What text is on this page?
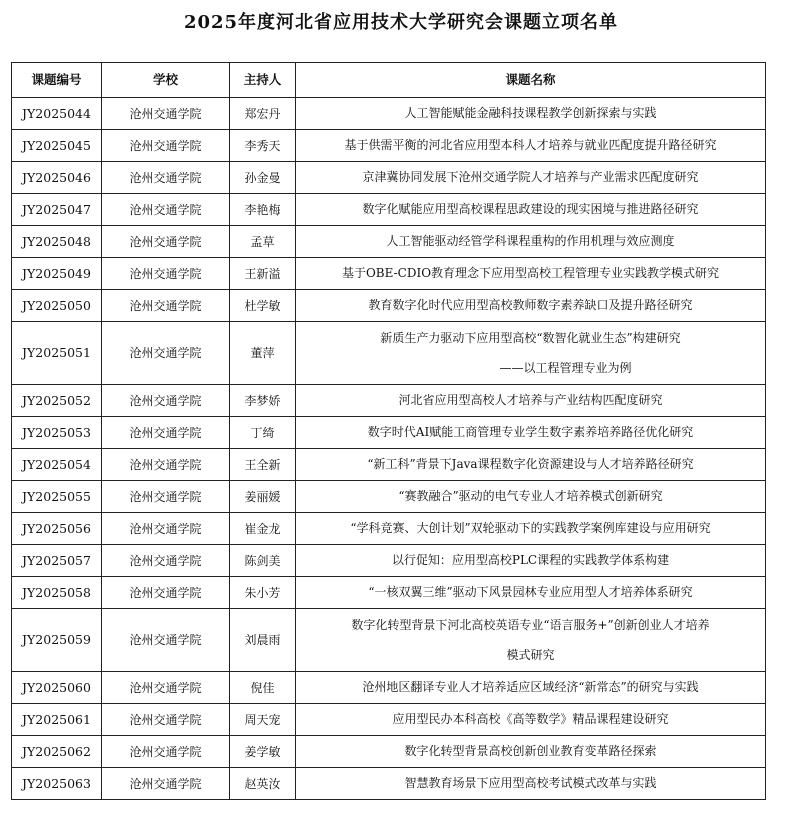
2025年度河北省应用技术大学研究会课题立项名单
课题编号	学校	主持人	课题名称
JY2025044	沧州交通学院	郑宏丹	人工智能赋能金融科技课程教学创新探索与实践
JY2025045	沧州交通学院	李秀天	基于供需平衡的河北省应用型本科人才培养与就业匹配度提升路径研究
JY2025046	沧州交通学院	孙金曼	京津冀协同发展下沧州交通学院人才培养与产业需求匹配度研究
JY2025047	沧州交通学院	李艳梅	数字化赋能应用型高校课程思政建设的现实困境与推进路径研究
JY2025048	沧州交通学院	孟草	人工智能驱动经管学科课程重构的作用机理与效应测度
JY2025049	沧州交通学院	王新溢	基于OBE-CDIO教育理念下应用型高校工程管理专业实践教学模式研究
JY2025050	沧州交通学院	杜学敏	教育数字化时代应用型高校教师数字素养缺口及提升路径研究
JY2025051	沧州交通学院	董萍	新质生产力驱动下应用型高校“数智化就业生态”构建研究
——以工程管理专业为例

JY2025052	沧州交通学院	李梦娇	河北省应用型高校人才培养与产业结构匹配度研究
JY2025053	沧州交通学院	丁绮	数字时代AI赋能工商管理专业学生数字素养培养路径优化研究
JY2025054	沧州交通学院	王全新	“新工科”背景下Java课程数字化资源建设与人才培养路径研究
JY2025055	沧州交通学院	姜丽媛	“赛教融合”驱动的电气专业人才培养模式创新研究
JY2025056	沧州交通学院	崔金龙	“学科竞赛、大创计划”双轮驱动下的实践教学案例库建设与应用研究
JY2025057	沧州交通学院	陈剑美	以行促知：应用型高校PLC课程的实践教学体系构建
JY2025058	沧州交通学院	朱小芳	“一核双翼三维”驱动下风景园林专业应用型人才培养体系研究
JY2025059	沧州交通学院	刘晨雨	数字化转型背景下河北高校英语专业“语言服务+”创新创业人才培养
模式研究

JY2025060	沧州交通学院	倪佳	沧州地区翻译专业人才培养适应区域经济“新常态”的研究与实践
JY2025061	沧州交通学院	周天宠	应用型民办本科高校《高等数学》精品课程建设研究
JY2025062	沧州交通学院	姜学敏	数字化转型背景高校创新创业教育变革路径探索
JY2025063	沧州交通学院	赵英汝	智慧教育场景下应用型高校考试模式改革与实践
